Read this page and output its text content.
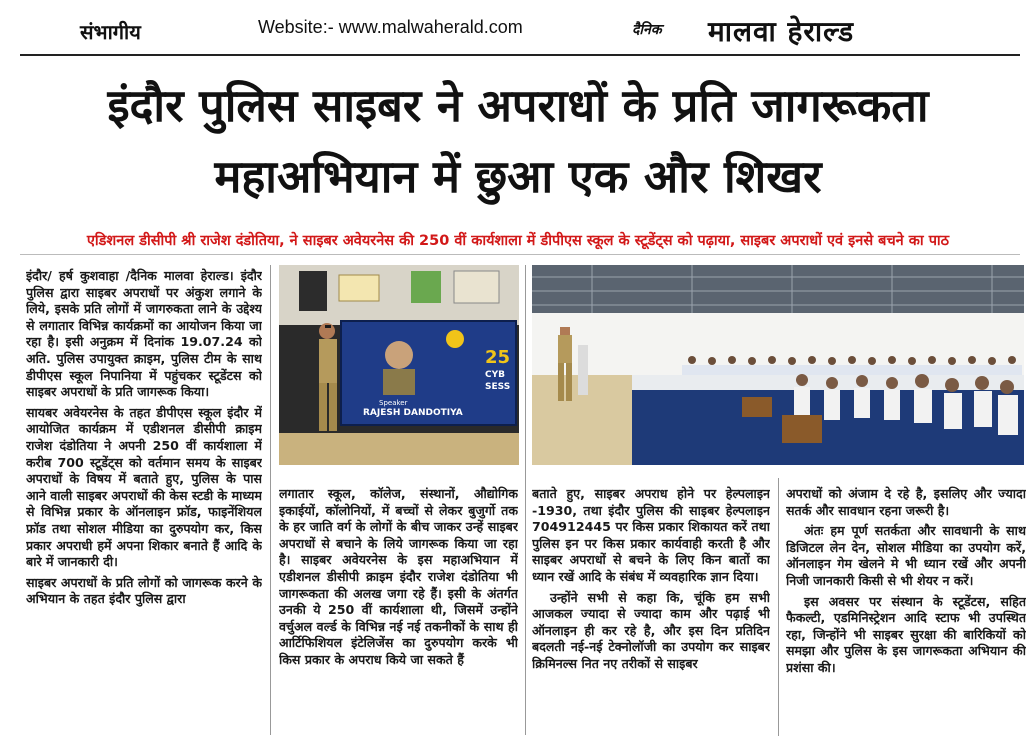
संभागीय	Website:- www.malwaherald.com	दैनिक मालवा हेराल्ड
इंदौर पुलिस साइबर ने अपराधों के प्रति जागरूकता
महाअभियान में छुआ एक और शिखर
एडिशनल डीसीपी श्री राजेश दंडोतिया, ने साइबर अवेयरनेस की 250 वीं कार्यशाला में डीपीएस स्कूल के स्टूडेंट्स को पढ़ाया, साइबर अपराधों एवं इनसे बचने का पाठ

इंदौर/ हर्ष कुशवाहा /दैनिक मालवा हेराल्ड। इंदौर पुलिस द्वारा साइबर अपराधों पर अंकुश लगाने के लिये, इसके प्रति लोगों में जागरुकता लाने के उद्देश्य से लगातार विभिन्न कार्यक्रमों का आयोजन किया जा रहा है। इसी अनुक्रम में दिनांक 19.07.24 को अति. पुलिस उपायुक्त क्राइम, पुलिस टीम के साथ डीपीएस स्कूल निपानिया में पहुंचकर स्टूडेंटस को साइबर अपराधों के प्रति जागरूक किया।

सायबर अवेयरनेस के तहत डीपीएस स्कूल इंदौर में आयोजित कार्यक्रम में एडीशनल डीसीपी क्राइम राजेश दंडोतिया ने अपनी 250 वीं कार्यशाला में करीब 700 स्टूडेंट्स को वर्तमान समय के साइबर अपराधों के विषय में बताते हुए, पुलिस के पास आने वाली साइबर अपराधों की केस स्टडी के माध्यम से विभिन्न प्रकार के ऑनलाइन फ्रॉड, फाइनेंशियल फ्रॉड तथा सोशल मीडिया का दुरुपयोग कर, किस प्रकार अपराधी हमें अपना शिकार बनाते हैं आदि के बारे में जानकारी दी।

साइबर अपराधों के प्रति लोगों को जागरूक करने के अभियान के तहत इंदौर पुलिस द्वारा

Speaker
RAJESH DANDOTIYA
25
CYB
SESS

लगातार स्कूल, कॉलेज, संस्थानों, औद्योगिक इकाईयों, कॉलोनियों, में बच्चों से लेकर बुजुर्गो तक के हर जाति वर्ग के लोगों के बीच जाकर उन्हें साइबर अपराधों से बचाने के लिये जागरूक किया जा रहा है। साइबर अवेयरनेस के इस महाअभियान में एडीशनल डीसीपी क्राइम इंदौर राजेश दंडोतिया भी जागरूकता की अलख जगा रहे हैं। इसी के अंतर्गत उनकी ये 250 वीं कार्यशाला थी, जिसमें उन्होंने वर्चुअल वर्ल्ड के विभिन्न नई नई तकनीकों के साथ ही आर्टिफिशियल इंटेलिजेंस का दुरुपयोग करके भी किस प्रकार के अपराध किये जा सकते हैं

बताते हुए, साइबर अपराध होने पर हेल्पलाइन -1930, तथा इंदौर पुलिस की साइबर हेल्पलाइन 704912445 पर किस प्रकार शिकायत करें तथा पुलिस इन पर किस प्रकार कार्यवाही करती है और साइबर अपराधों से बचने के लिए किन बातों का ध्यान रखें आदि के संबंध में व्यवहारिक ज्ञान दिया।

उन्होंने सभी से कहा कि, चूंकि हम सभी आजकल ज्यादा से ज्यादा काम और पढ़ाई भी ऑनलाइन ही कर रहे है, और इस दिन प्रतिदिन बदलती नई-नई टेक्नोलॉजी का उपयोग कर साइबर क्रिमिनल्स नित नए तरीकों से साइबर

अपराधों को अंजाम दे रहे है, इसलिए और ज्यादा सतर्क और सावधान रहना जरूरी है।

अंतः हम पूर्ण सतर्कता और सावधानी के साथ डिजिटल लेन देन, सोशल मीडिया का उपयोग करें, ऑनलाइन गेम खेलने मे भी ध्यान रखें और अपनी निजी जानकारी किसी से भी शेयर न करें।

इस अवसर पर संस्थान के स्टूडेंटस, सहित फैकल्टी, एडमिनिस्ट्रेशन आदि स्टाफ भी उपस्थित रहा, जिन्होंने भी साइबर सुरक्षा की बारिकियों को समझा और पुलिस के इस जागरूकता अभियान की प्रशंसा की।
